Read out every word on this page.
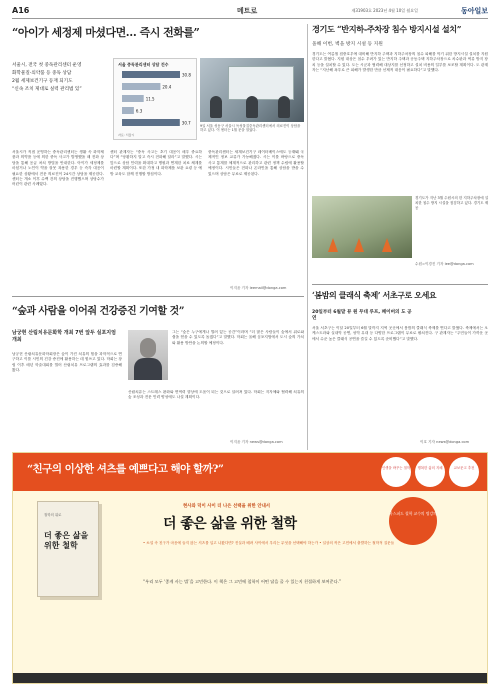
A16	메트로	제31903호 2023년 4월 10일 월요일	동아일보
“아이가 세정제 마셨다면… 즉시 전화를”
서울시, 전국 첫 중독관리센터 운영
화학물질-의약품 등 중독 상담
2월 세제보건기구 등재 되기도
“신속 조치 제대로 실력 관리법 있”
서울 중독관리센터 상담 건수
30.8
20.4
11.5
6.3
30.7
자료: 서울시
9일 서울 성동구 서울시 독성물질중독관리센터에서 의료진이 상담을 하고 있다. 이 센터는 1월 문을 열었다.
서울시가 직접 운영하는 중독관리센터는 생활 속 화학제품과 의약품 등에 의한 중독 사고가 발생했을 때 전화 상담을 통해 응급 처치 방법을 안내한다. 아이가 세정제를 마셨거나 노인이 약을 잘못 복용한 경우 등 즉각 대응이 필요한 상황에서 전문 의료진이 24시간 상담을 제공한다. 센터는 개소 이후 수백 건의 상담을 진행했으며 상당수가 어린이 관련 사례였다.
센터 관계자는 “중독 사고는 초기 대응이 매우 중요하다”며 “당황하지 말고 즉시 전화해 달라”고 말했다. 시는 앞으로 상담 인력을 확대하고 병원과 연계한 치료 체계를 마련할 계획이다. 또한 가정 내 화학제품 보관 요령 등 예방 교육도 함께 진행할 방침이다.
중독관리센터는 세계보건기구 데이터베이스에도 등재돼 국제적인 정보 교류가 가능해졌다. 시는 이를 바탕으로 중독 사고 통계를 체계적으로 관리하고 관련 정책 수립에 활용할 예정이다. 시민들은 전화나 온라인을 통해 상담을 받을 수 있으며 상담은 무료로 제공된다.
이지윤 기자 leemail@donga.com
경기도 “반지하-주차장 침수 방지시설 설치”
올해 이번, 벽을 방지 시설 등 지원
경기도는 여름철 집중호우에 대비해 반지하 주택과 지하주차장의 침수 피해를 막기 위한 방지시설 설치를 지원한다고 밝혔다. 지원 대상은 침수 우려가 있는 반지하 주택과 공동주택 지하주차장으로 차수판과 역류 방지 장치 등을 설치할 수 있다. 도는 시군과 협력해 대상지를 선정하고 설치 비용의 일부를 보조할 계획이다. 도 관계자는 “지난해 폭우로 큰 피해가 발생한 만큼 선제적 대응이 필요하다”고 말했다.
경기도가 지난 3월 수원시의 한 지하주차장에 설치한 침수 방지 시설을 점검하고 있다. 경기도 제공
수원=이경진 기자 lee@donga.com
‘봄밤의 클래식 축제’ 서초구로 오세요
20일부터 6월말 뮤 원 무대 루프, 페이버의 도 공연
서울 서초구는 이달 20일부터 6월 말까지 지역 곳곳에서 봄밤의 클래식 축제를 연다고 밝혔다. 축제에서는 오케스트라와 실내악 공연, 성악 무대 등 다양한 프로그램이 무료로 펼쳐진다. 구 관계자는 “주민들이 가까운 곳에서 수준 높은 클래식 공연을 즐길 수 있도록 준비했다”고 말했다.
이호 기자 news@donga.com
“숲과 사람을 이어줘 건강증진 기여할 것”
남궁현 산림치유문화학 개최 7번 앞두 실포지엄 개최
남궁현 산림치유문화학회장은 숲이 가진 치유의 힘을 과학적으로 연구하고 이를 시민의 건강 증진에 활용하는 데 힘쓰고 있다. 학회는 창립 이후 매년 학술대회를 열어 산림치유 프로그램의 효과를 검증해 왔다.
그는 “숲은 누구에게나 열려 있는 공간”이라며 “더 많은 사람들이 숲에서 위로와 쉼을 얻을 수 있도록 돕겠다”고 말했다. 학회는 올해 심포지엄에서 도시 숲의 가치와 활용 방안을 논의할 예정이다.
산림치유는 스트레스 완화와 면역력 향상에 도움이 되는 것으로 알려져 있다. 학회는 지자체와 협력해 치유의 숲 조성과 전문 인력 양성에도 나설 계획이다.
이지윤 기자 news@donga.com
“친구의 이상한 셔츠를 예쁘다고 해야 할까?”	인생을 바꾸는 철학	행복한 삶의 지혜	교보문고 추천
철학의 위로
더 좋은 삶을 위한 철학
현사와 덕이 사이 더 나은 선택을 위한 안내서
더 좋은 삶을 위한 철학
옥스퍼드 철학 교수의 명강의
• 소설 속 친구가 마음에 들지 않는 셔츠를 입고 나왔다면? 진실과 배려 사이에서 우리는 무엇을 선택해야 하는가 • 일상의 작은 고민에서 출발하는 철학적 질문들
“우리 모두 ‘좋게 사는 법’을 고민한다. 이 책은 그 고민에 철학이 어떤 답을 줄 수 있는지 친절하게 보여준다.”
